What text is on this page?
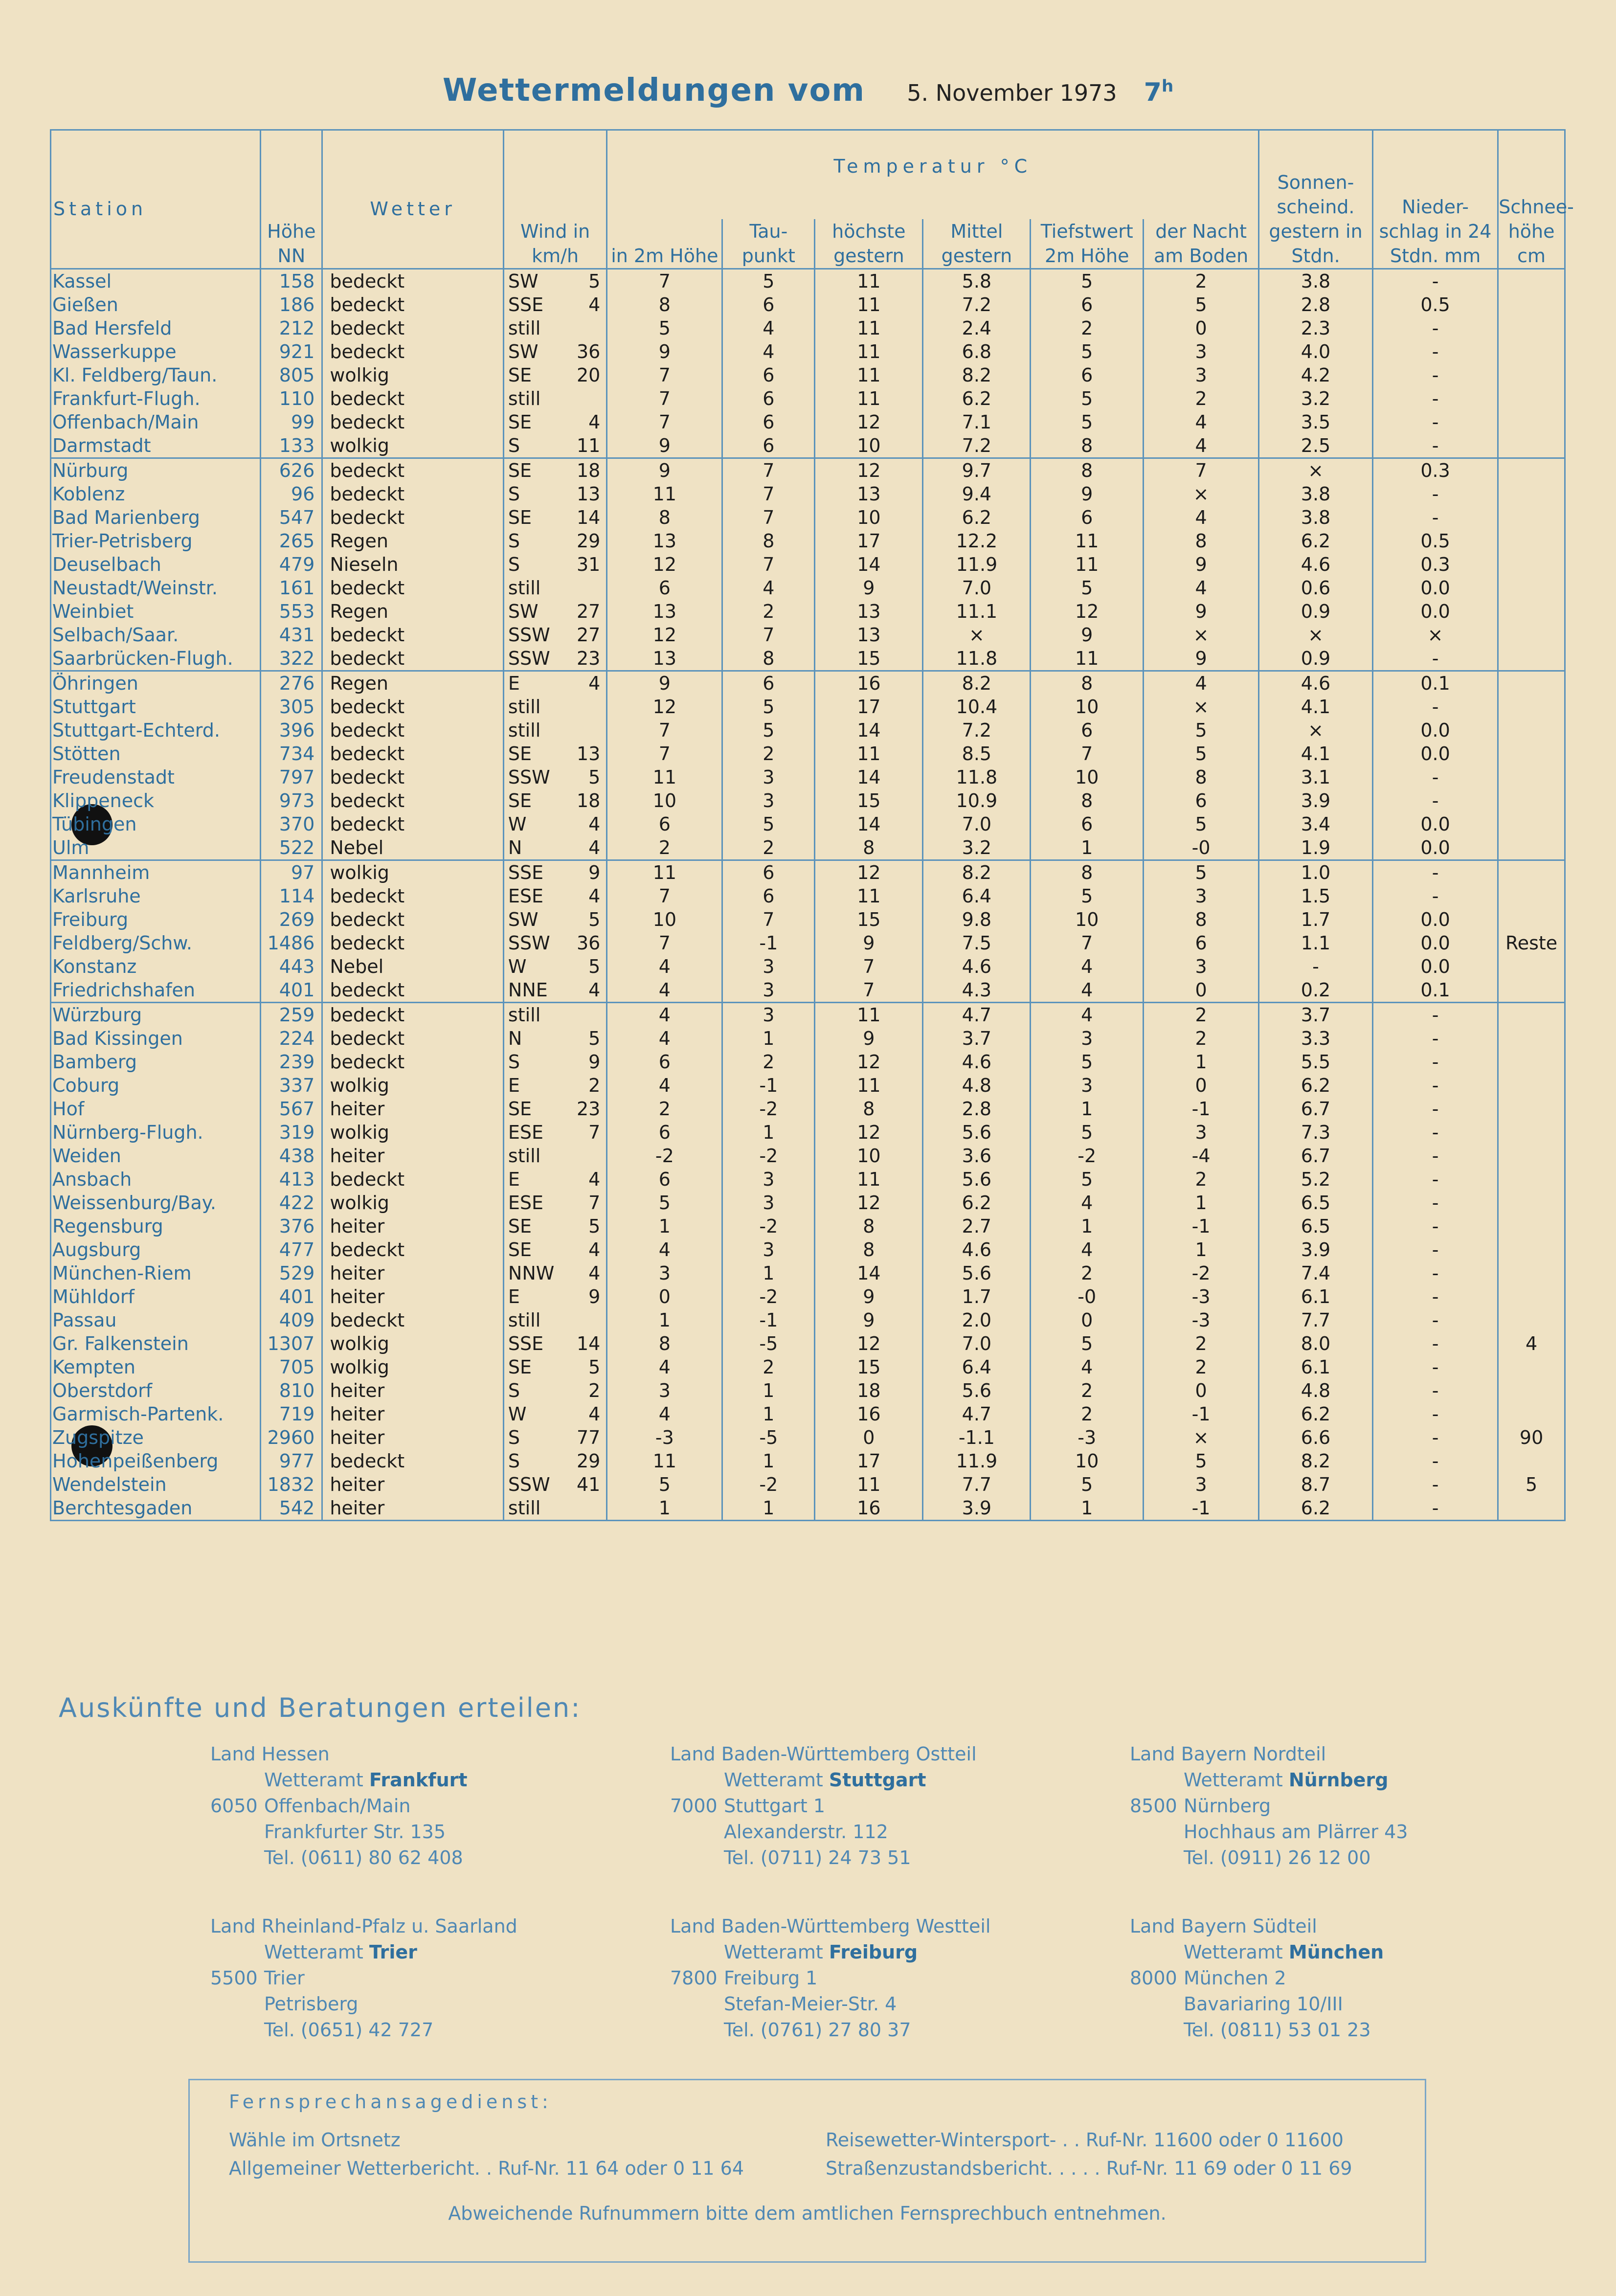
Wettermeldungen vom 5. November 1973 7$^h$
Station	Höhe NN	Wetter	Wind in km/h	Temperatur °C						Sonnen- scheind. gestern in Stdn.	Nieder- schlag in 24 Stdn. mm	Schnee- höhe cm
				in 2m Höhe	Tau- punkt	höchste gestern	Mittel gestern	Tiefstwert 2m Höhe	der Nacht am Boden			
Kassel	158	bedeckt	SW 5	7	5	11	5.8	5	2	3.8	-	
Gießen	186	bedeckt	SSE 4	8	6	11	7.2	6	5	2.8	0.5	
Bad Hersfeld	212	bedeckt	still	5	4	11	2.4	2	0	2.3	-	
Wasserkuppe	921	bedeckt	SW 36	9	4	11	6.8	5	3	4.0	-	
Kl. Feldberg/Taun.	805	wolkig	SE 20	7	6	11	8.2	6	3	4.2	-	
Frankfurt-Flugh.	110	bedeckt	still	7	6	11	6.2	5	2	3.2	-	
Offenbach/Main	99	bedeckt	SE 4	7	6	12	7.1	5	4	3.5	-	
Darmstadt	133	wolkig	S 11	9	6	10	7.2	8	4	2.5	-	
Nürburg	626	bedeckt	SE 18	9	7	12	9.7	8	7	×	0.3	
Koblenz	96	bedeckt	S 13	11	7	13	9.4	9	×	3.8	-	
Bad Marienberg	547	bedeckt	SE 14	8	7	10	6.2	6	4	3.8	-	
Trier-Petrisberg	265	Regen	S 29	13	8	17	12.2	11	8	6.2	0.5	
Deuselbach	479	Nieseln	S 31	12	7	14	11.9	11	9	4.6	0.3	
Neustadt/Weinstr.	161	bedeckt	still	6	4	9	7.0	5	4	0.6	0.0	
Weinbiet	553	Regen	SW 27	13	2	13	11.1	12	9	0.9	0.0	
Selbach/Saar.	431	bedeckt	SSW 27	12	7	13	×	9	×	×	×	
Saarbrücken-Flugh.	322	bedeckt	SSW 23	13	8	15	11.8	11	9	0.9	-	
Öhringen	276	Regen	E 4	9	6	16	8.2	8	4	4.6	0.1	
Stuttgart	305	bedeckt	still	12	5	17	10.4	10	×	4.1	-	
Stuttgart-Echterd.	396	bedeckt	still	7	5	14	7.2	6	5	×	0.0	
Stötten	734	bedeckt	SE 13	7	2	11	8.5	7	5	4.1	0.0	
Freudenstadt	797	bedeckt	SSW 5	11	3	14	11.8	10	8	3.1	-	
Klippeneck	973	bedeckt	SE 18	10	3	15	10.9	8	6	3.9	-	
Tübingen	370	bedeckt	W 4	6	5	14	7.0	6	5	3.4	0.0	
Ulm	522	Nebel	N 4	2	2	8	3.2	1	-0	1.9	0.0	
Mannheim	97	wolkig	SSE 9	11	6	12	8.2	8	5	1.0	-	
Karlsruhe	114	bedeckt	ESE 4	7	6	11	6.4	5	3	1.5	-	
Freiburg	269	bedeckt	SW 5	10	7	15	9.8	10	8	1.7	0.0	
Feldberg/Schw.	1486	bedeckt	SSW 36	7	-1	9	7.5	7	6	1.1	0.0	Reste
Konstanz	443	Nebel	W 5	4	3	7	4.6	4	3	-	0.0	
Friedrichshafen	401	bedeckt	NNE 4	4	3	7	4.3	4	0	0.2	0.1	
Würzburg	259	bedeckt	still	4	3	11	4.7	4	2	3.7	-	
Bad Kissingen	224	bedeckt	N 5	4	1	9	3.7	3	2	3.3	-	
Bamberg	239	bedeckt	S 9	6	2	12	4.6	5	1	5.5	-	
Coburg	337	wolkig	E 2	4	-1	11	4.8	3	0	6.2	-	
Hof	567	heiter	SE 23	2	-2	8	2.8	1	-1	6.7	-	
Nürnberg-Flugh.	319	wolkig	ESE 7	6	1	12	5.6	5	3	7.3	-	
Weiden	438	heiter	still	-2	-2	10	3.6	-2	-4	6.7	-	
Ansbach	413	bedeckt	E 4	6	3	11	5.6	5	2	5.2	-	
Weissenburg/Bay.	422	wolkig	ESE 7	5	3	12	6.2	4	1	6.5	-	
Regensburg	376	heiter	SE 5	1	-2	8	2.7	1	-1	6.5	-	
Augsburg	477	bedeckt	SE 4	4	3	8	4.6	4	1	3.9	-	
München-Riem	529	heiter	NNW 4	3	1	14	5.6	2	-2	7.4	-	
Mühldorf	401	heiter	E 9	0	-2	9	1.7	-0	-3	6.1	-	
Passau	409	bedeckt	still	1	-1	9	2.0	0	-3	7.7	-	
Gr. Falkenstein	1307	wolkig	SSE 14	8	-5	12	7.0	5	2	8.0	-	4
Kempten	705	wolkig	SE 5	4	2	15	6.4	4	2	6.1	-	
Oberstdorf	810	heiter	S 2	3	1	18	5.6	2	0	4.8	-	
Garmisch-Partenk.	719	heiter	W 4	4	1	16	4.7	2	-1	6.2	-	
Zugspitze	2960	heiter	S 77	-3	-5	0	-1.1	-3	×	6.6	-	90
Hohenpeißenberg	977	bedeckt	S 29	11	1	17	11.9	10	5	8.2	-	
Wendelstein	1832	heiter	SSW 41	5	-2	11	7.7	5	3	8.7	-	5
Berchtesgaden	542	heiter	still	1	1	16	3.9	1	-1	6.2	-	
Auskünfte und Beratungen erteilen:
Land Hessen
Wetteramt Frankfurt
6050 Offenbach/Main
Frankfurter Str. 135
Tel. (0611) 80 62 408
Land Baden-Württemberg Ostteil
Wetteramt Stuttgart
7000 Stuttgart 1
Alexanderstr. 112
Tel. (0711) 24 73 51
Land Bayern Nordteil
Wetteramt Nürnberg
8500 Nürnberg
Hochhaus am Plärrer 43
Tel. (0911) 26 12 00
Land Rheinland-Pfalz u. Saarland
Wetteramt Trier
5500 Trier
Petrisberg
Tel. (0651) 42 727
Land Baden-Württemberg Westteil
Wetteramt Freiburg
7800 Freiburg 1
Stefan-Meier-Str. 4
Tel. (0761) 27 80 37
Land Bayern Südteil
Wetteramt München
8000 München 2
Bavariaring 10/III
Tel. (0811) 53 01 23
Fernsprechansagedienst:
Wähle im Ortsnetz
Allgemeiner Wetterbericht. . Ruf-Nr. 11 64 oder 0 11 64
Reisewetter-Wintersport- . . Ruf-Nr. 11600 oder 0 11600
Straßenzustandsbericht. . . . . Ruf-Nr. 11 69 oder 0 11 69
Abweichende Rufnummern bitte dem amtlichen Fernsprechbuch entnehmen.
